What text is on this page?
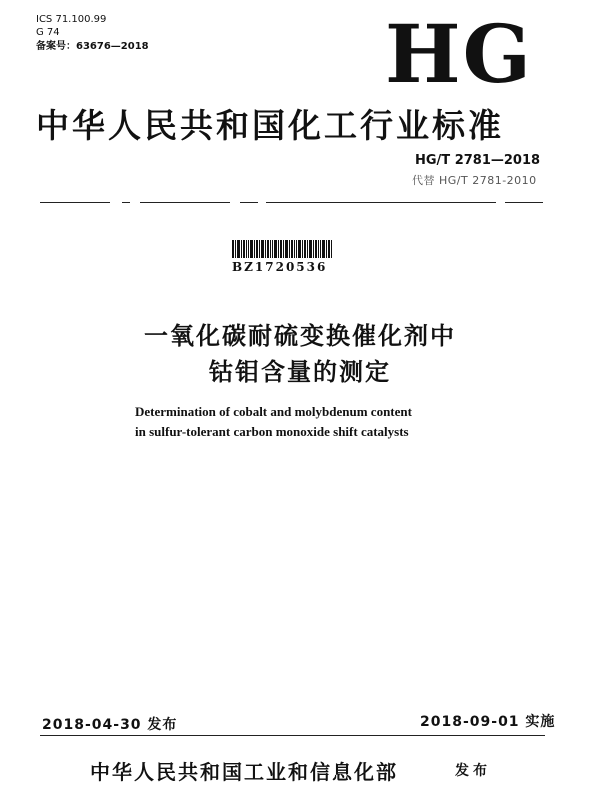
ICS 71.100.99
G 74
备案号：63676—2018	HG
中华人民共和国化工行业标准
HG/T 2781—2018
代替 HG/T 2781-2010
BZ1720536
一氧化碳耐硫变换催化剂中
钴钼含量的测定
Determination of cobalt and molybdenum content
in sulfur-tolerant carbon monoxide shift catalysts
2018-04-30 发布	2018-09-01 实施
中华人民共和国工业和信息化部	发布
